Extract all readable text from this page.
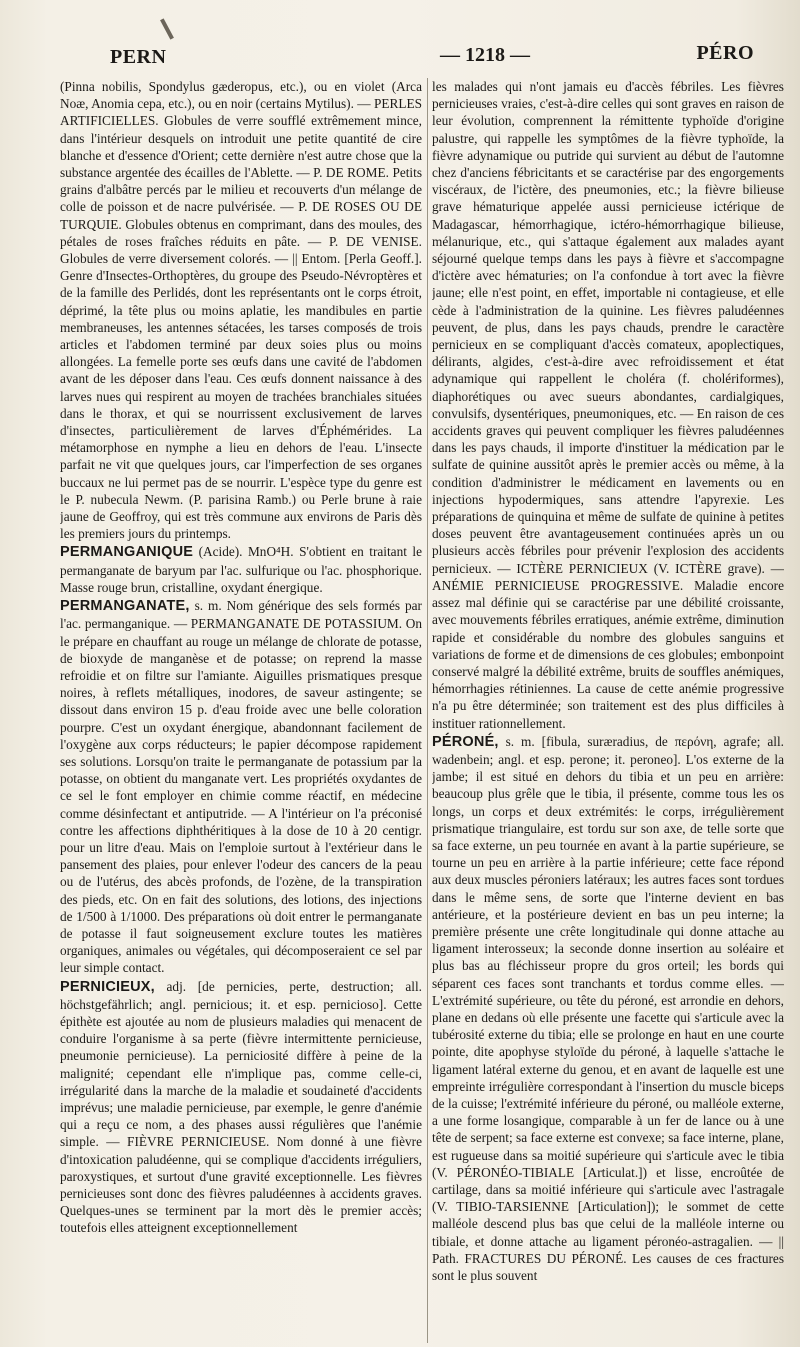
PERN	— 1218 —	PÉRO

(Pinna nobilis, Spondylus gæderopus, etc.), ou en violet (Arca Noæ, Anomia cepa, etc.), ou en noir (certains Mytilus). — PERLES ARTIFICIELLES. Globules de verre soufflé extrêmement mince, dans l'intérieur desquels on introduit une petite quantité de cire blanche et d'essence d'Orient; cette dernière n'est autre chose que la substance argentée des écailles de l'Ablette. — P. DE ROME. Petits grains d'albâtre percés par le milieu et recouverts d'un mélange de colle de poisson et de nacre pulvérisée. — P. DE ROSES OU DE TURQUIE. Globules obtenus en comprimant, dans des moules, des pétales de roses fraîches réduits en pâte. — P. DE VENISE. Globules de verre diversement colorés. — || Entom. [Perla Geoff.]. Genre d'Insectes-Orthoptères, du groupe des Pseudo-Névroptères et de la famille des Perlidés, dont les représentants ont le corps étroit, déprimé, la tête plus ou moins aplatie, les mandibules en partie membraneuses, les antennes sétacées, les tarses composés de trois articles et l'abdomen terminé par deux soies plus ou moins allongées. La femelle porte ses œufs dans une cavité de l'abdomen avant de les déposer dans l'eau. Ces œufs donnent naissance à des larves nues qui respirent au moyen de trachées branchiales situées dans le thorax, et qui se nourrissent exclusivement de larves d'insectes, particulièrement de larves d'Éphémérides. La métamorphose en nymphe a lieu en dehors de l'eau. L'insecte parfait ne vit que quelques jours, car l'imperfection de ses organes buccaux ne lui permet pas de se nourrir. L'espèce type du genre est le P. nubecula Newm. (P. parisina Ramb.) ou Perle brune à raie jaune de Geoffroy, qui est très commune aux environs de Paris dès les premiers jours du printemps.

PERMANGANIQUE (Acide). MnO⁴H. S'obtient en traitant le permanganate de baryum par l'ac. sulfurique ou l'ac. phosphorique. Masse rouge brun, cristalline, oxydant énergique.

PERMANGANATE, s. m. Nom générique des sels formés par l'ac. permanganique. — PERMANGANATE DE POTASSIUM. On le prépare en chauffant au rouge un mélange de chlorate de potasse, de bioxyde de manganèse et de potasse; on reprend la masse refroidie et on filtre sur l'amiante. Aiguilles prismatiques presque noires, à reflets métalliques, inodores, de saveur astingente; se dissout dans environ 15 p. d'eau froide avec une belle coloration pourpre. C'est un oxydant énergique, abandonnant facilement de l'oxygène aux corps réducteurs; le papier décompose rapidement ses solutions. Lorsqu'on traite le permanganate de potassium par la potasse, on obtient du manganate vert. Les propriétés oxydantes de ce sel le font employer en chimie comme réactif, en médecine comme désinfectant et antiputride. — A l'intérieur on l'a préconisé contre les affections diphthéritiques à la dose de 10 à 20 centigr. pour un litre d'eau. Mais on l'emploie surtout à l'extérieur dans le pansement des plaies, pour enlever l'odeur des cancers de la peau ou de l'utérus, des abcès profonds, de l'ozène, de la transpiration des pieds, etc. On en fait des solutions, des lotions, des injections de 1/500 à 1/1000. Des préparations où doit entrer le permanganate de potasse il faut soigneusement exclure toutes les matières organiques, animales ou végétales, qui décomposeraient ce sel par leur simple contact.

PERNICIEUX, adj. [de pernicies, perte, destruction; all. höchstgefährlich; angl. pernicious; it. et esp. pernicioso]. Cette épithète est ajoutée au nom de plusieurs maladies qui menacent de conduire l'organisme à sa perte (fièvre intermittente pernicieuse, pneumonie pernicieuse). La perniciosité diffère à peine de la malignité; cependant elle n'implique pas, comme celle-ci, irrégularité dans la marche de la maladie et soudaineté d'accidents imprévus; une maladie pernicieuse, par exemple, le genre d'anémie qui a reçu ce nom, a des phases aussi régulières que l'anémie simple. — FIÈVRE PERNICIEUSE. Nom donné à une fièvre d'intoxication paludéenne, qui se complique d'accidents irréguliers, paroxystiques, et surtout d'une gravité exceptionnelle. Les fièvres pernicieuses sont donc des fièvres paludéennes à accidents graves. Quelques-unes se terminent par la mort dès le premier accès; toutefois elles atteignent exceptionnellement

les malades qui n'ont jamais eu d'accès fébriles. Les fièvres pernicieuses vraies, c'est-à-dire celles qui sont graves en raison de leur évolution, comprennent la rémittente typhoïde d'origine palustre, qui rappelle les symptômes de la fièvre typhoïde, la fièvre adynamique ou putride qui survient au début de l'automne chez d'anciens fébricitants et se caractérise par des engorgements viscéraux, de l'ictère, des pneumonies, etc.; la fièvre bilieuse grave hématurique appelée aussi pernicieuse ictérique de Madagascar, hémorrhagique, ictéro-hémorrhagique bilieuse, mélanurique, etc., qui s'attaque également aux malades ayant séjourné quelque temps dans les pays à fièvre et s'accompagne d'ictère avec hématuries; on l'a confondue à tort avec la fièvre jaune; elle n'est point, en effet, importable ni contagieuse, et elle cède à l'administration de la quinine. Les fièvres paludéennes peuvent, de plus, dans les pays chauds, prendre le caractère pernicieux en se compliquant d'accès comateux, apoplectiques, délirants, algides, c'est-à-dire avec refroidissement et état adynamique qui rappellent le choléra (f. cholériformes), diaphorétiques ou avec sueurs abondantes, cardialgiques, convulsifs, dysentériques, pneumoniques, etc. — En raison de ces accidents graves qui peuvent compliquer les fièvres paludéennes dans les pays chauds, il importe d'instituer la médication par le sulfate de quinine aussitôt après le premier accès ou même, à la condition d'administrer le médicament en lavements ou en injections hypodermiques, sans attendre l'apyrexie. Les préparations de quinquina et même de sulfate de quinine à petites doses peuvent être avantageusement continuées après un ou plusieurs accès fébriles pour prévenir l'explosion des accidents pernicieux. — ICTÈRE PERNICIEUX (V. ICTÈRE grave). — ANÉMIE PERNICIEUSE PROGRESSIVE. Maladie encore assez mal définie qui se caractérise par une débilité croissante, avec mouvements fébriles erratiques, anémie extrême, diminution rapide et considérable du nombre des globules sanguins et variations de forme et de dimensions de ces globules; embonpoint conservé malgré la débilité extrême, bruits de souffles anémiques, hémorrhagies rétiniennes. La cause de cette anémie progressive n'a pu être déterminée; son traitement est des plus difficiles à instituer rationnellement.

PÉRONÉ, s. m. [fibula, suræradius, de περόνη, agrafe; all. wadenbein; angl. et esp. perone; it. peroneo]. L'os externe de la jambe; il est situé en dehors du tibia et un peu en arrière: beaucoup plus grêle que le tibia, il présente, comme tous les os longs, un corps et deux extrémités: le corps, irrégulièrement prismatique triangulaire, est tordu sur son axe, de telle sorte que sa face externe, un peu tournée en avant à la partie supérieure, se tourne un peu en arrière à la partie inférieure; cette face répond aux deux muscles péroniers latéraux; les autres faces sont tordues dans le même sens, de sorte que l'interne devient en bas antérieure, et la postérieure devient en bas un peu interne; la première présente une crête longitudinale qui donne attache au ligament interosseux; la seconde donne insertion au soléaire et plus bas au fléchisseur propre du gros orteil; les bords qui séparent ces faces sont tranchants et tordus comme elles. — L'extrémité supérieure, ou tête du péroné, est arrondie en dehors, plane en dedans où elle présente une facette qui s'articule avec la tubérosité externe du tibia; elle se prolonge en haut en une courte pointe, dite apophyse styloïde du péroné, à laquelle s'attache le ligament latéral externe du genou, et en avant de laquelle est une empreinte irrégulière correspondant à l'insertion du muscle biceps de la cuisse; l'extrémité inférieure du péroné, ou malléole externe, a une forme losangique, comparable à un fer de lance ou à une tête de serpent; sa face externe est convexe; sa face interne, plane, est rugueuse dans sa moitié supérieure qui s'articule avec le tibia (V. PÉRONÉO-TIBIALE [Articulat.]) et lisse, encroûtée de cartilage, dans sa moitié inférieure qui s'articule avec l'astragale (V. TIBIO-TARSIENNE [Articulation]); le sommet de cette malléole descend plus bas que celui de la malléole interne ou tibiale, et donne attache au ligament péronéo-astragalien. — || Path. FRACTURES DU PÉRONÉ. Les causes de ces fractures sont le plus souvent
